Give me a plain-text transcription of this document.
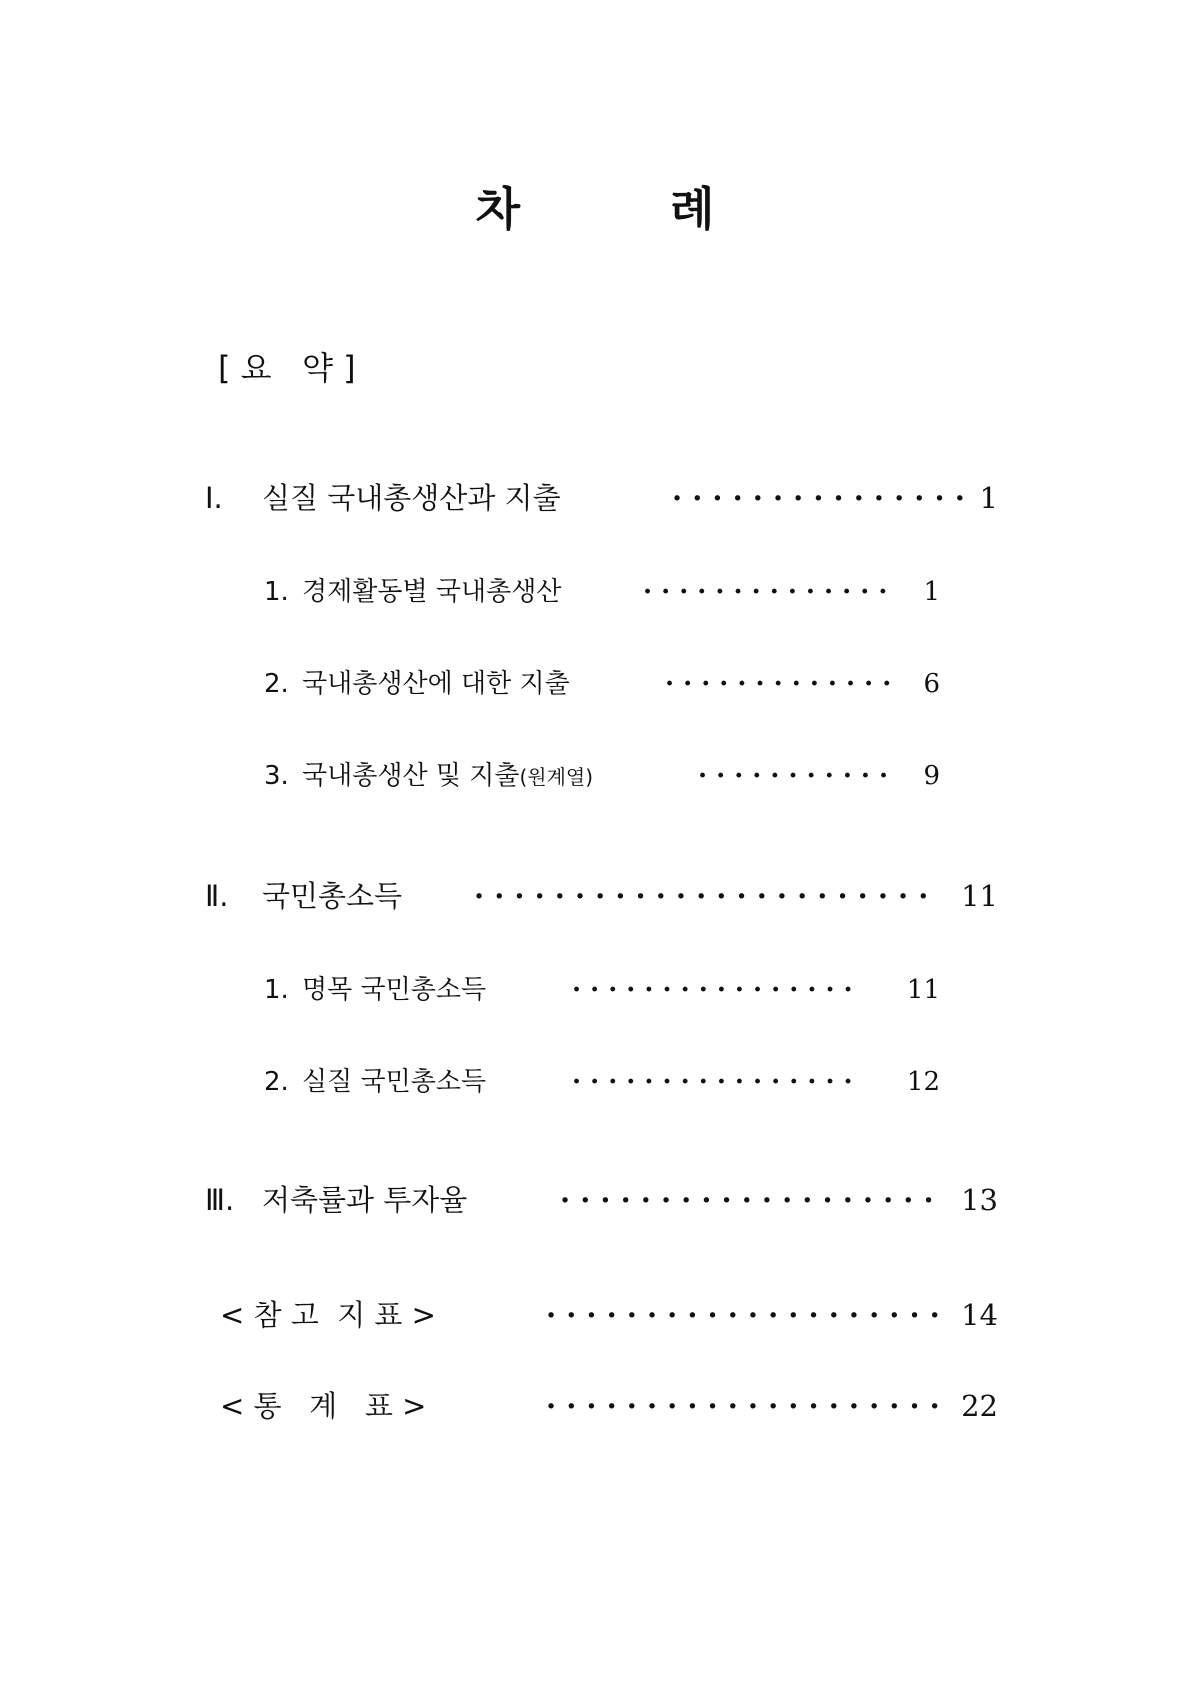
차	례
[ 요   약 ]
Ⅰ. 실질 국내총생산과 지출	· · · · · · · · · · · · · · · 1
1. 경제활동별 국내총생산	· · · · · · · · · · · · · ·	1
2. 국내총생산에 대한 지출	· · · · · · · · · · · · ·	6
3. 국내총생산 및 지출(원계열)	· · · · · · · · · · ·	9
Ⅱ. 국민총소득 · · · · · · · · · · · · · · · · · · · · · · ·	11
1. 명목 국민총소득	· · · · · · · · · · · · · · · ·	11
2. 실질 국민총소득	· · · · · · · · · · · · · · · ·	12
Ⅲ. 저축률과 투자율	· · · · · · · · · · · · · · · · · · · 13
< 참 고  지 표 >	· · · · · · · · · · · · · · · · · · · · 14
< 통   계   표 >	· · · · · · · · · · · · · · · · · · · · 22
